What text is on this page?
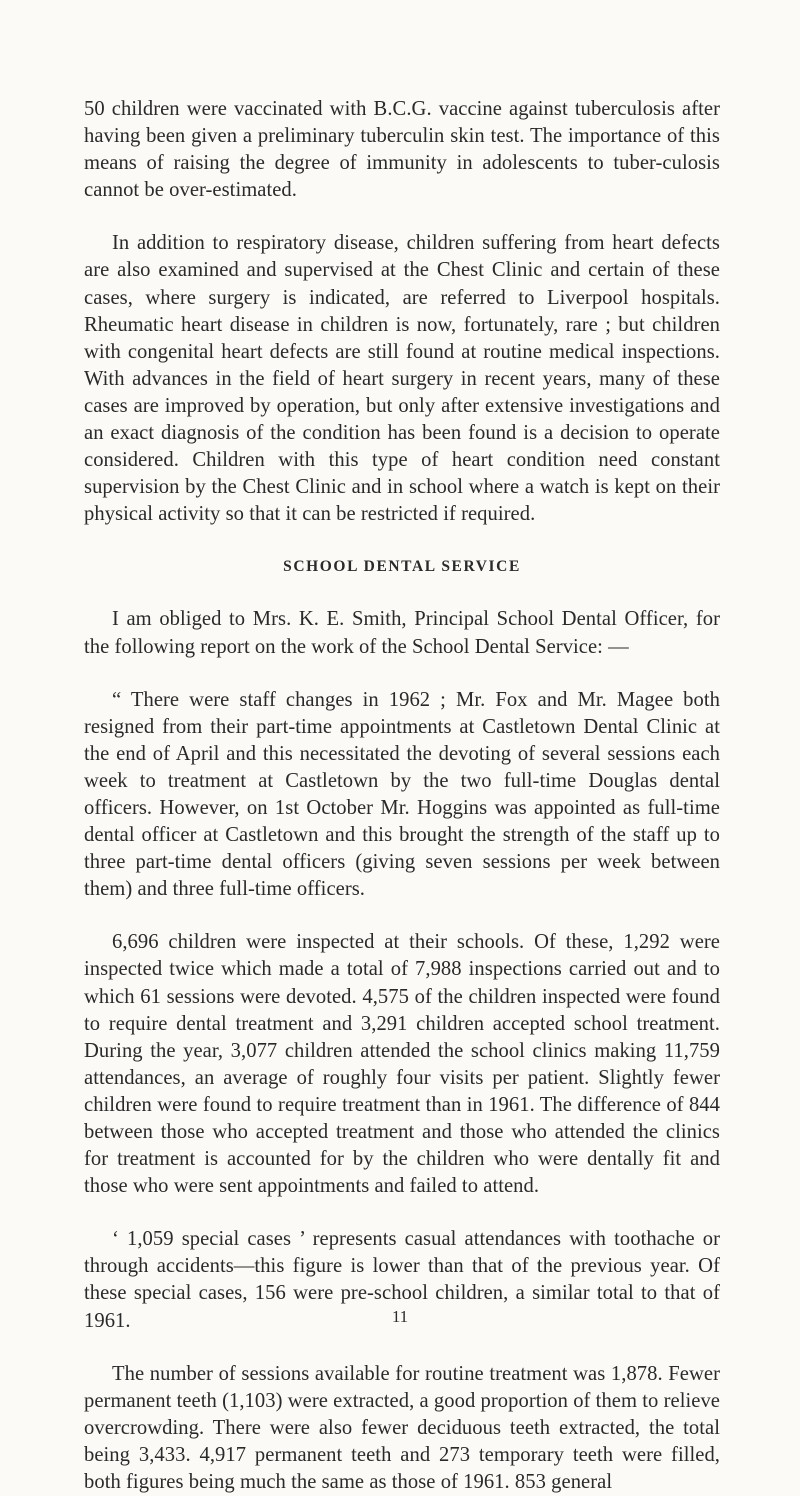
50 children were vaccinated with B.C.G. vaccine against tuberculosis after having been given a preliminary tuberculin skin test. The importance of this means of raising the degree of immunity in adolescents to tuber-culosis cannot be over-estimated.

In addition to respiratory disease, children suffering from heart defects are also examined and supervised at the Chest Clinic and certain of these cases, where surgery is indicated, are referred to Liverpool hospitals. Rheumatic heart disease in children is now, fortunately, rare ; but children with congenital heart defects are still found at routine medical inspections. With advances in the field of heart surgery in recent years, many of these cases are improved by operation, but only after extensive investigations and an exact diagnosis of the condition has been found is a decision to operate considered. Children with this type of heart condition need constant supervision by the Chest Clinic and in school where a watch is kept on their physical activity so that it can be restricted if required.

SCHOOL DENTAL SERVICE

I am obliged to Mrs. K. E. Smith, Principal School Dental Officer, for the following report on the work of the School Dental Service: —

“ There were staff changes in 1962 ; Mr. Fox and Mr. Magee both resigned from their part-time appointments at Castletown Dental Clinic at the end of April and this necessitated the devoting of several sessions each week to treatment at Castletown by the two full-time Douglas dental officers. However, on 1st October Mr. Hoggins was appointed as full-time dental officer at Castletown and this brought the strength of the staff up to three part-time dental officers (giving seven sessions per week between them) and three full-time officers.

6,696 children were inspected at their schools. Of these, 1,292 were inspected twice which made a total of 7,988 inspections carried out and to which 61 sessions were devoted. 4,575 of the children inspected were found to require dental treatment and 3,291 children accepted school treatment. During the year, 3,077 children attended the school clinics making 11,759 attendances, an average of roughly four visits per patient. Slightly fewer children were found to require treatment than in 1961. The difference of 844 between those who accepted treatment and those who attended the clinics for treatment is accounted for by the children who were dentally fit and those who were sent appointments and failed to attend.

‘ 1,059 special cases ’ represents casual attendances with toothache or through accidents—this figure is lower than that of the previous year. Of these special cases, 156 were pre-school children, a similar total to that of 1961.

The number of sessions available for routine treatment was 1,878. Fewer permanent teeth (1,103) were extracted, a good proportion of them to relieve overcrowding. There were also fewer deciduous teeth extracted, the total being 3,433. 4,917 permanent teeth and 273 temporary teeth were filled, both figures being much the same as those of 1961. 853 general

11
